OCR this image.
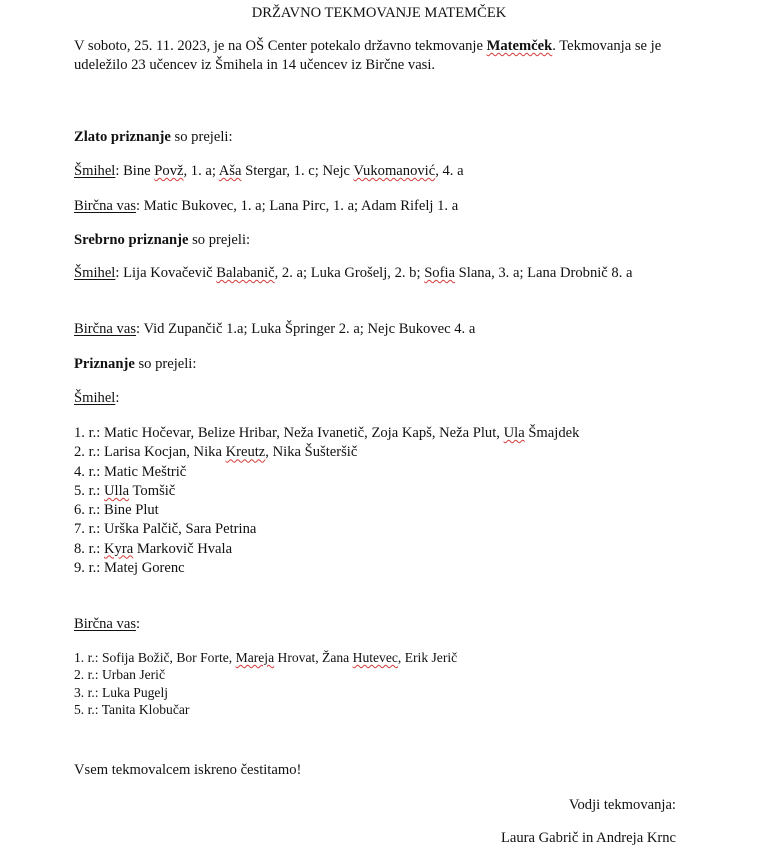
DRŽAVNO TEKMOVANJE MATEMČEK
V soboto, 25. 11. 2023, je na OŠ Center potekalo državno tekmovanje Matemček. Tekmovanja se je udeležilo 23 učencev iz Šmihela in 14 učencev iz Birčne vasi.
Zlato priznanje so prejeli:
Šmihel: Bine Povž, 1. a; Aša Stergar, 1. c; Nejc Vukomanović, 4. a
Birčna vas: Matic Bukovec, 1. a; Lana Pirc, 1. a; Adam Rifelj 1. a
Srebrno priznanje so prejeli:
Šmihel: Lija Kovačevič Balabanič, 2. a; Luka Grošelj, 2. b; Sofia Slana, 3. a; Lana Drobnič 8. a
Birčna vas: Vid Zupančič 1.a; Luka Špringer 2. a; Nejc Bukovec 4. a
Priznanje so prejeli:
Šmihel:
1. r.: Matic Hočevar, Belize Hribar, Neža Ivanetič, Zoja Kapš, Neža Plut, Ula Šmajdek
2. r.: Larisa Kocjan, Nika Kreutz, Nika Šušteršič
4. r.: Matic Meštrič
5. r.: Ulla Tomšič
6. r.: Bine Plut
7. r.: Urška Palčič, Sara Petrina
8. r.: Kyra Markovič Hvala
9. r.: Matej Gorenc
Birčna vas:
1. r.: Sofija Božič, Bor Forte, Mareja Hrovat, Žana Hutevec, Erik Jerič
2. r.: Urban Jerič
3. r.: Luka Pugelj
5. r.: Tanita Klobučar
Vsem tekmovalcem iskreno čestitamo!
Vodji tekmovanja:
Laura Gabrič in Andreja Krnc
